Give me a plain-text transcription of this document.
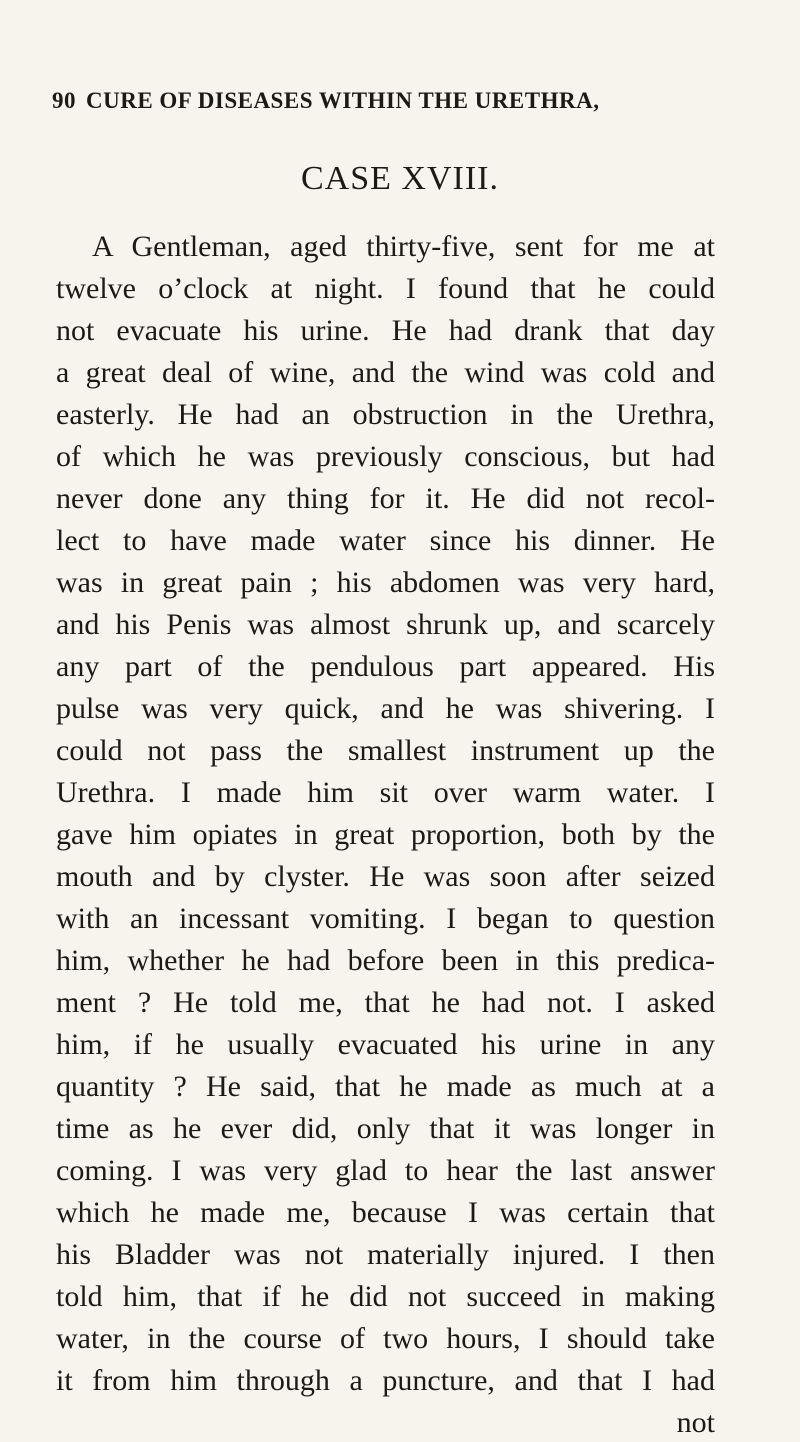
90 CURE OF DISEASES WITHIN THE URETHRA,
CASE XVIII.
A Gentleman, aged thirty-five, sent for me at
twelve o’clock at night. I found that he could
not evacuate his urine. He had drank that day
a great deal of wine, and the wind was cold and
easterly. He had an obstruction in the Urethra,
of which he was previously conscious, but had
never done any thing for it. He did not recol-
lect to have made water since his dinner. He
was in great pain ; his abdomen was very hard,
and his Penis was almost shrunk up, and scarcely
any part of the pendulous part appeared. His
pulse was very quick, and he was shivering. I
could not pass the smallest instrument up the
Urethra. I made him sit over warm water. I
gave him opiates in great proportion, both by the
mouth and by clyster. He was soon after seized
with an incessant vomiting. I began to question
him, whether he had before been in this predica-
ment ? He told me, that he had not. I asked
him, if he usually evacuated his urine in any
quantity ? He said, that he made as much at a
time as he ever did, only that it was longer in
coming. I was very glad to hear the last answer
which he made me, because I was certain that
his Bladder was not materially injured. I then
told him, that if he did not succeed in making
water, in the course of two hours, I should take
it from him through a puncture, and that I had
not
